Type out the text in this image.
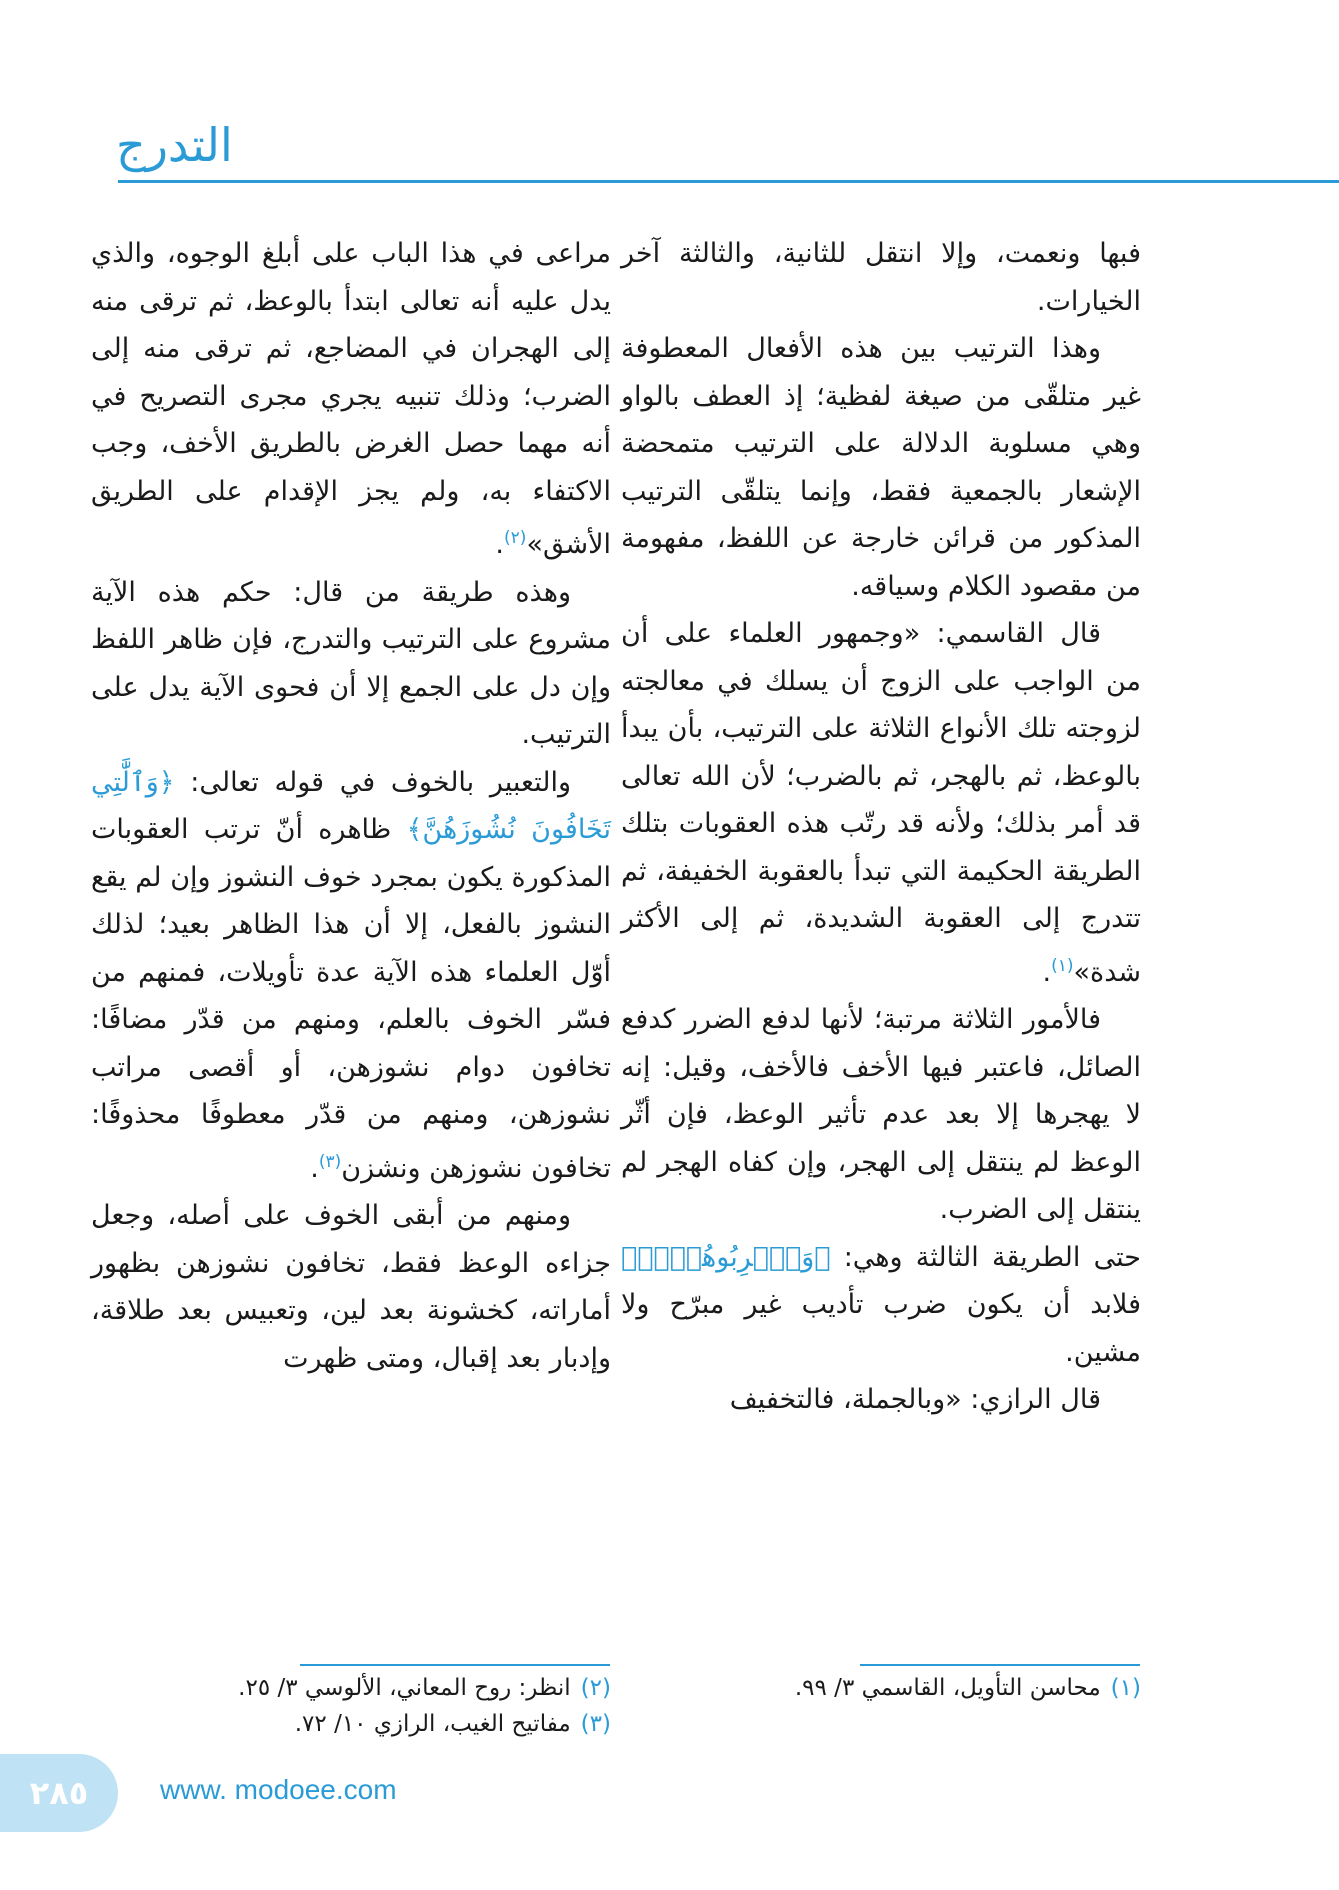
التدرج

فبها ونعمت، وإلا انتقل للثانية، والثالثة آخر الخيارات.

وهذا الترتيب بين هذه الأفعال المعطوفة غير متلقّى من صيغة لفظية؛ إذ العطف بالواو وهي مسلوبة الدلالة على الترتيب متمحضة الإشعار بالجمعية فقط، وإنما يتلقّى الترتيب المذكور من قرائن خارجة عن اللفظ، مفهومة من مقصود الكلام وسياقه.

قال القاسمي: «وجمهور العلماء على أن من الواجب على الزوج أن يسلك في معالجته لزوجته تلك الأنواع الثلاثة على الترتيب، بأن يبدأ بالوعظ، ثم بالهجر، ثم بالضرب؛ لأن الله تعالى قد أمر بذلك؛ ولأنه قد رتّب هذه العقوبات بتلك الطريقة الحكيمة التي تبدأ بالعقوبة الخفيفة، ثم تتدرج إلى العقوبة الشديدة، ثم إلى الأكثر شدة»$^{(١)}$.

فالأمور الثلاثة مرتبة؛ لأنها لدفع الضرر كدفع الصائل، فاعتبر فيها الأخف فالأخف، وقيل: إنه لا يهجرها إلا بعد عدم تأثير الوعظ، فإن أثّر الوعظ لم ينتقل إلى الهجر، وإن كفاه الهجر لم ينتقل إلى الضرب.

حتى الطريقة الثالثة وهي: ﴿وَٱضۡرِبُوهُنَّۖ﴾ فلابد أن يكون ضرب تأديب غير مبرّح ولا مشين.

قال الرازي: «وبالجملة، فالتخفيف

مراعى في هذا الباب على أبلغ الوجوه، والذي يدل عليه أنه تعالى ابتدأ بالوعظ، ثم ترقى منه إلى الهجران في المضاجع، ثم ترقى منه إلى الضرب؛ وذلك تنبيه يجري مجرى التصريح في أنه مهما حصل الغرض بالطريق الأخف، وجب الاكتفاء به، ولم يجز الإقدام على الطريق الأشق»$^{(٢)}$.

وهذه طريقة من قال: حكم هذه الآية مشروع على الترتيب والتدرج، فإن ظاهر اللفظ وإن دل على الجمع إلا أن فحوى الآية يدل على الترتيب.

والتعبير بالخوف في قوله تعالى: ﴿وَٱلَّٰتِي تَخَافُونَ نُشُوزَهُنَّ﴾ ظاهره أنّ ترتب العقوبات المذكورة يكون بمجرد خوف النشوز وإن لم يقع النشوز بالفعل، إلا أن هذا الظاهر بعيد؛ لذلك أوّل العلماء هذه الآية عدة تأويلات، فمنهم من فسّر الخوف بالعلم، ومنهم من قدّر مضافًا: تخافون دوام نشوزهن، أو أقصى مراتب نشوزهن، ومنهم من قدّر معطوفًا محذوفًا: تخافون نشوزهن ونشزن$^{(٣)}$.

ومنهم من أبقى الخوف على أصله، وجعل جزاءه الوعظ فقط، تخافون نشوزهن بظهور أماراته، كخشونة بعد لين، وتعبيس بعد طلاقة، وإدبار بعد إقبال، ومتى ظهرت

(١)محاسن التأويل، القاسمي ٣/ ٩٩.
(٢)انظر: روح المعاني، الألوسي ٣/ ٢٥.
(٣)مفاتيح الغيب، الرازي ١٠/ ٧٢.
٢٨٥	www. modoee.com
